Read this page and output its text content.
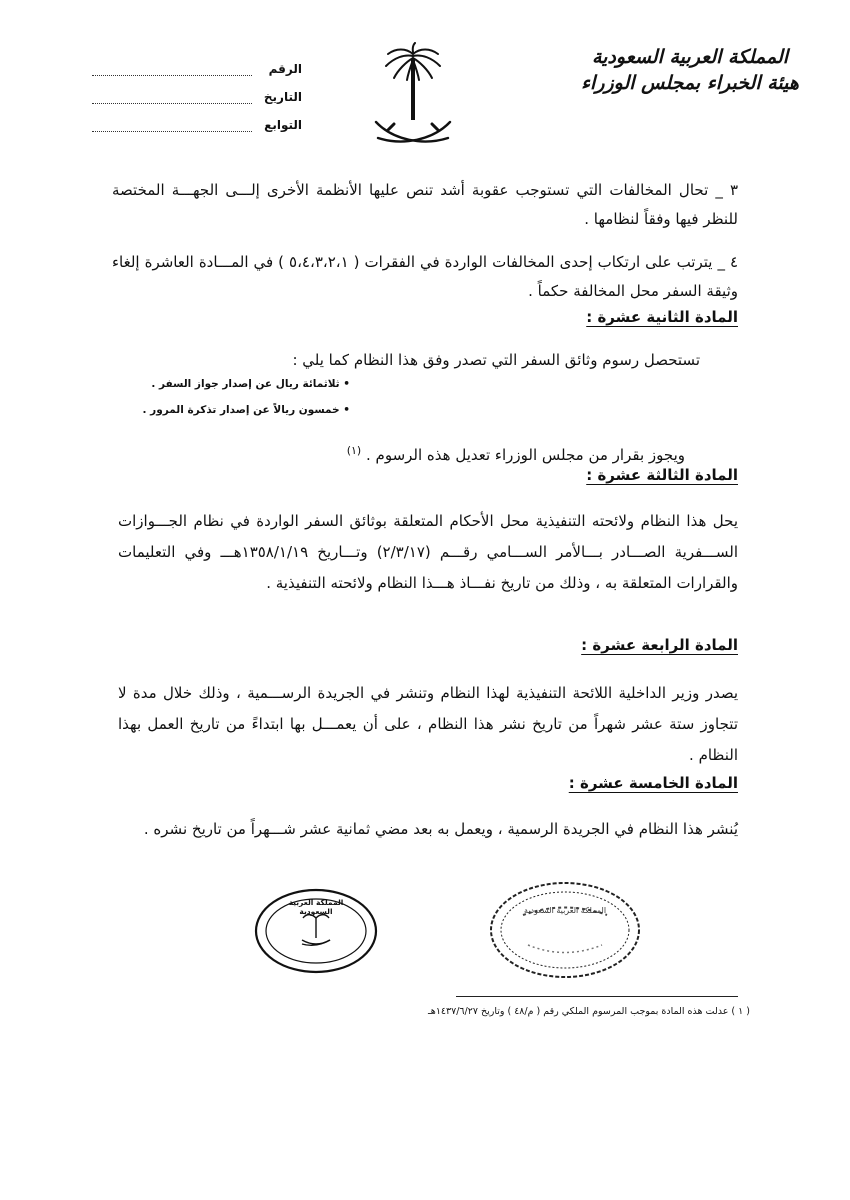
المملكة العربية السعودية
هيئة الخبراء بمجلس الوزراء
الرقم
التاريخ
التوابع
٣ _ تحال المخالفات التي تستوجب عقوبة أشد تنص عليها الأنظمة الأخرى إلـــى الجهـــة المختصة للنظر فيها وفقاً لنظامها .
٤ _ يترتب على ارتكاب إحدى المخالفات الواردة في الفقرات ( ٥،٤،٣،٢،١ ) في المـــادة العاشرة إلغاء وثيقة السفر محل المخالفة حكماً .
المادة الثانية عشرة :
تستحصل رسوم وثائق السفر التي تصدر وفق هذا النظام كما يلي :
• ثلاثمائة ريال عن إصدار جواز السفر .
• خمسون ريالاً عن إصدار تذكرة المرور .
ويجوز بقرار من مجلس الوزراء تعديل هذه الرسوم . $^{(١)}$
المادة الثالثة عشرة :
يحل هذا النظام ولائحته التنفيذية محل الأحكام المتعلقة بوثائق السفر الواردة في نظام الجـــوازات الســـفرية الصـــادر بـــالأمر الســـامي رقـــم (٢/٣/١٧) وتـــاريخ ١٣٥٨/١/١٩هـــ وفي التعليمات والقرارات المتعلقة به ، وذلك من تاريخ نفـــاذ هـــذا النظام ولائحته التنفيذية .
المادة الرابعة عشرة :
يصدر وزير الداخلية اللائحة التنفيذية لهذا النظام وتنشر في الجريدة الرســـمية ، وذلك خلال مدة لا تتجاوز ستة عشر شهراً من تاريخ نشر هذا النظام ، على أن يعمـــل بها ابتداءً من تاريخ العمل بهذا النظام .
المادة الخامسة عشرة :
يُنشر هذا النظام في الجريدة الرسمية ، ويعمل به بعد مضي ثمانية عشر شـــهراً من تاريخ نشره .
المملكة العربية السعودية
المملكة العربية السعودية
( ١ ) عدلت هذه المادة بموجب المرسوم الملكي رقم ( م/٤٨ ) وتاريخ ١٤٣٧/٦/٢٧هـ
